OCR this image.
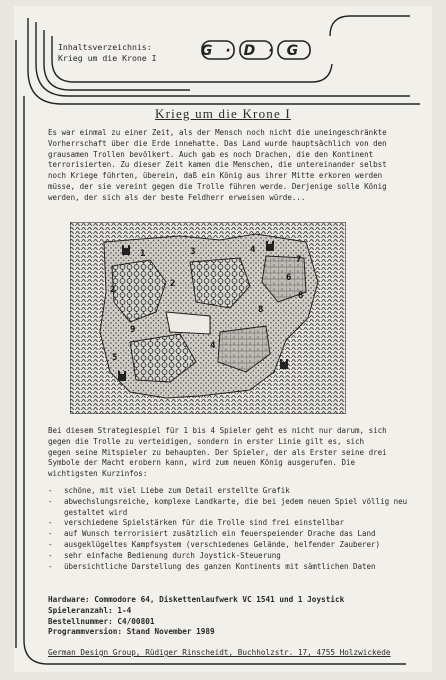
Inhaltsverzeichnis:
Krieg um die Krone I	G·D·G
Krieg um die Krone I
Es war einmal zu einer Zeit, als der Mensch noch nicht die uneingeschränkte
Vorherrschaft über die Erde innehatte. Das Land wurde hauptsächlich von den
grausamen Trollen bevölkert. Auch gab es noch Drachen, die den Kontinent
terrorisierten. Zu dieser Zeit kamen die Menschen, die untereinander selbst
noch Kriege führten, überein, daß ein König aus ihrer Mitte erkoren werden
müsse, der sie vereint gegen die Trolle führen werde. Derjenige solle König
werden, der sich als der beste Feldherr erweisen würde...
1
2
3	4
5
6
7
8
9
2
4
8
Bei diesem Strategiespiel für 1 bis 4 Spieler geht es nicht nur darum, sich
gegen die Trolle zu verteidigen, sondern in erster Linie gilt es, sich
gegen seine Mitspieler zu behaupten. Der Spieler, der als Erster seine drei
Symbole der Macht erobern kann, wird zum neuen König ausgerufen. Die
wichtigsten Kurzinfos:
- schöne, mit viel Liebe zum Detail erstellte Grafik
- abwechslungsreiche, komplexe Landkarte, die bei jedem neuen Spiel völlig neu gestaltet wird
- verschiedene Spielstärken für die Trolle sind frei einstellbar
- auf Wunsch terrorisiert zusätzlich ein feuerspeiender Drache das Land
- ausgeklügeltes Kampfsystem (verschiedenes Gelände, helfender Zauberer)
- sehr einfache Bedienung durch Joystick-Steuerung
- übersichtliche Darstellung des ganzen Kontinents mit sämtlichen Daten
Hardware: Commodore 64, Diskettenlaufwerk VC 1541 und 1 Joystick
Spieleranzahl: 1-4
Bestellnummer: C4/00801
Programmversion: Stand November 1989
German Design Group, Rüdiger Rinscheidt, Buchholzstr. 17, 4755 Holzwickede
